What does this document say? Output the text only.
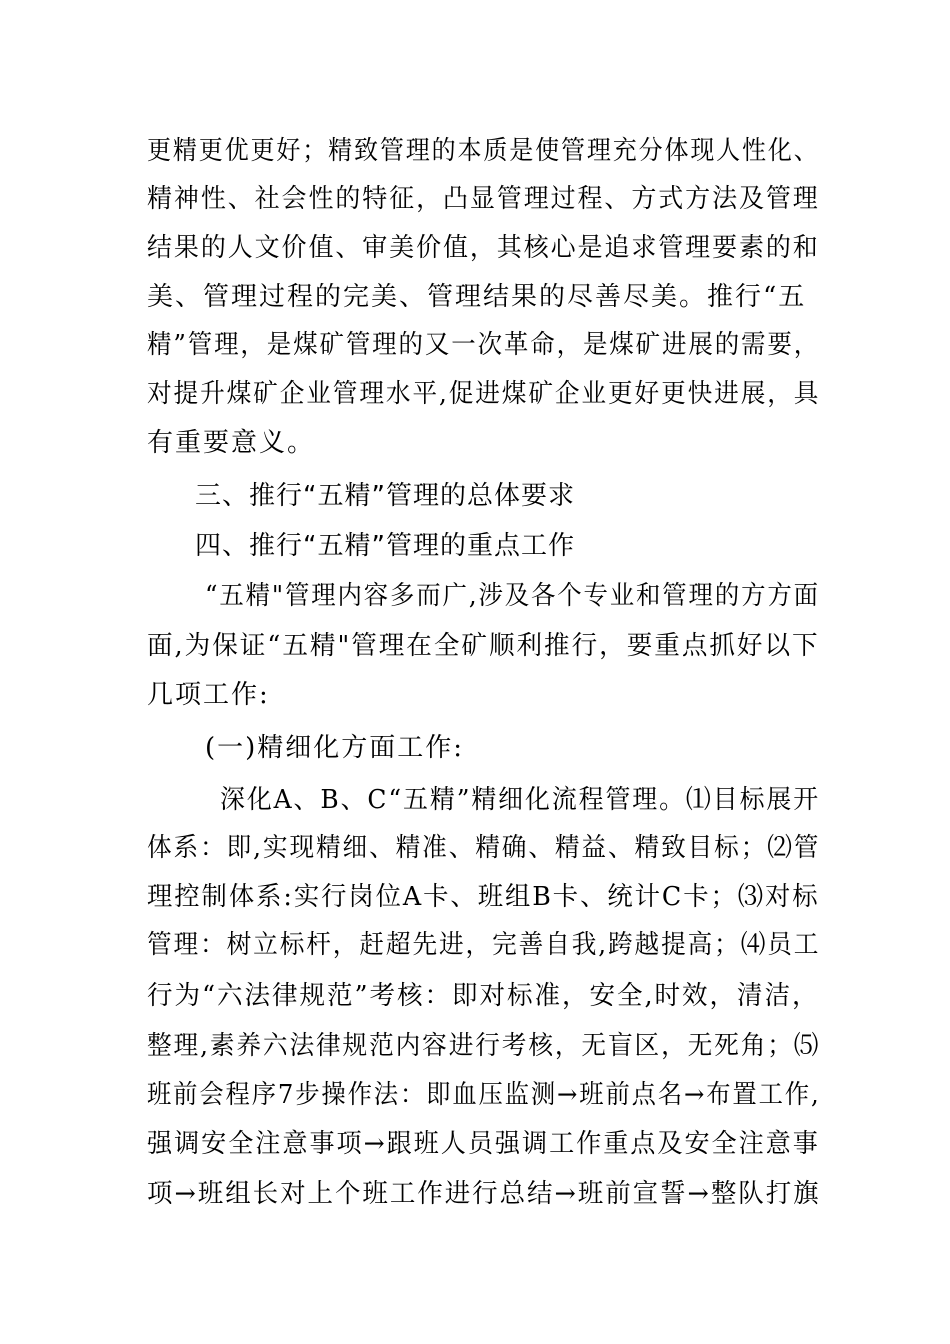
更精更优更好；精致管理的本质是使管理充分体现人性化、
精神性、社会性的特征，凸显管理过程、方式方法及管理
结果的人文价值、审美价值，其核心是追求管理要素的和
美、管理过程的完美、管理结果的尽善尽美。推行“五
精”管理，是煤矿管理的又一次革命，是煤矿进展的需要，
对提升煤矿企业管理水平,促进煤矿企业更好更快进展，具
有重要意义。
三、推行“五精”管理的总体要求
四、推行“五精”管理的重点工作
“五精"管理内容多而广,涉及各个专业和管理的方方面
面,为保证“五精"管理在全矿顺利推行，要重点抓好以下
几项工作:
(一)精细化方面工作:
深化A、B、C“五精”精细化流程管理。⑴目标展开
体系：即,实现精细、精准、精确、精益、精致目标；⑵管
理控制体系:实行岗位A卡、班组B卡、统计C卡；⑶对标
管理：树立标杆，赶超先进，完善自我,跨越提高；⑷员工
行为“六法律规范”考核：即对标准，安全,时效，清洁，
整理,素养六法律规范内容进行考核，无盲区，无死角；⑸
班前会程序7步操作法：即血压监测→班前点名→布置工作,
强调安全注意事项→跟班人员强调工作重点及安全注意事
项→班组长对上个班工作进行总结→班前宣誓→整队打旗
